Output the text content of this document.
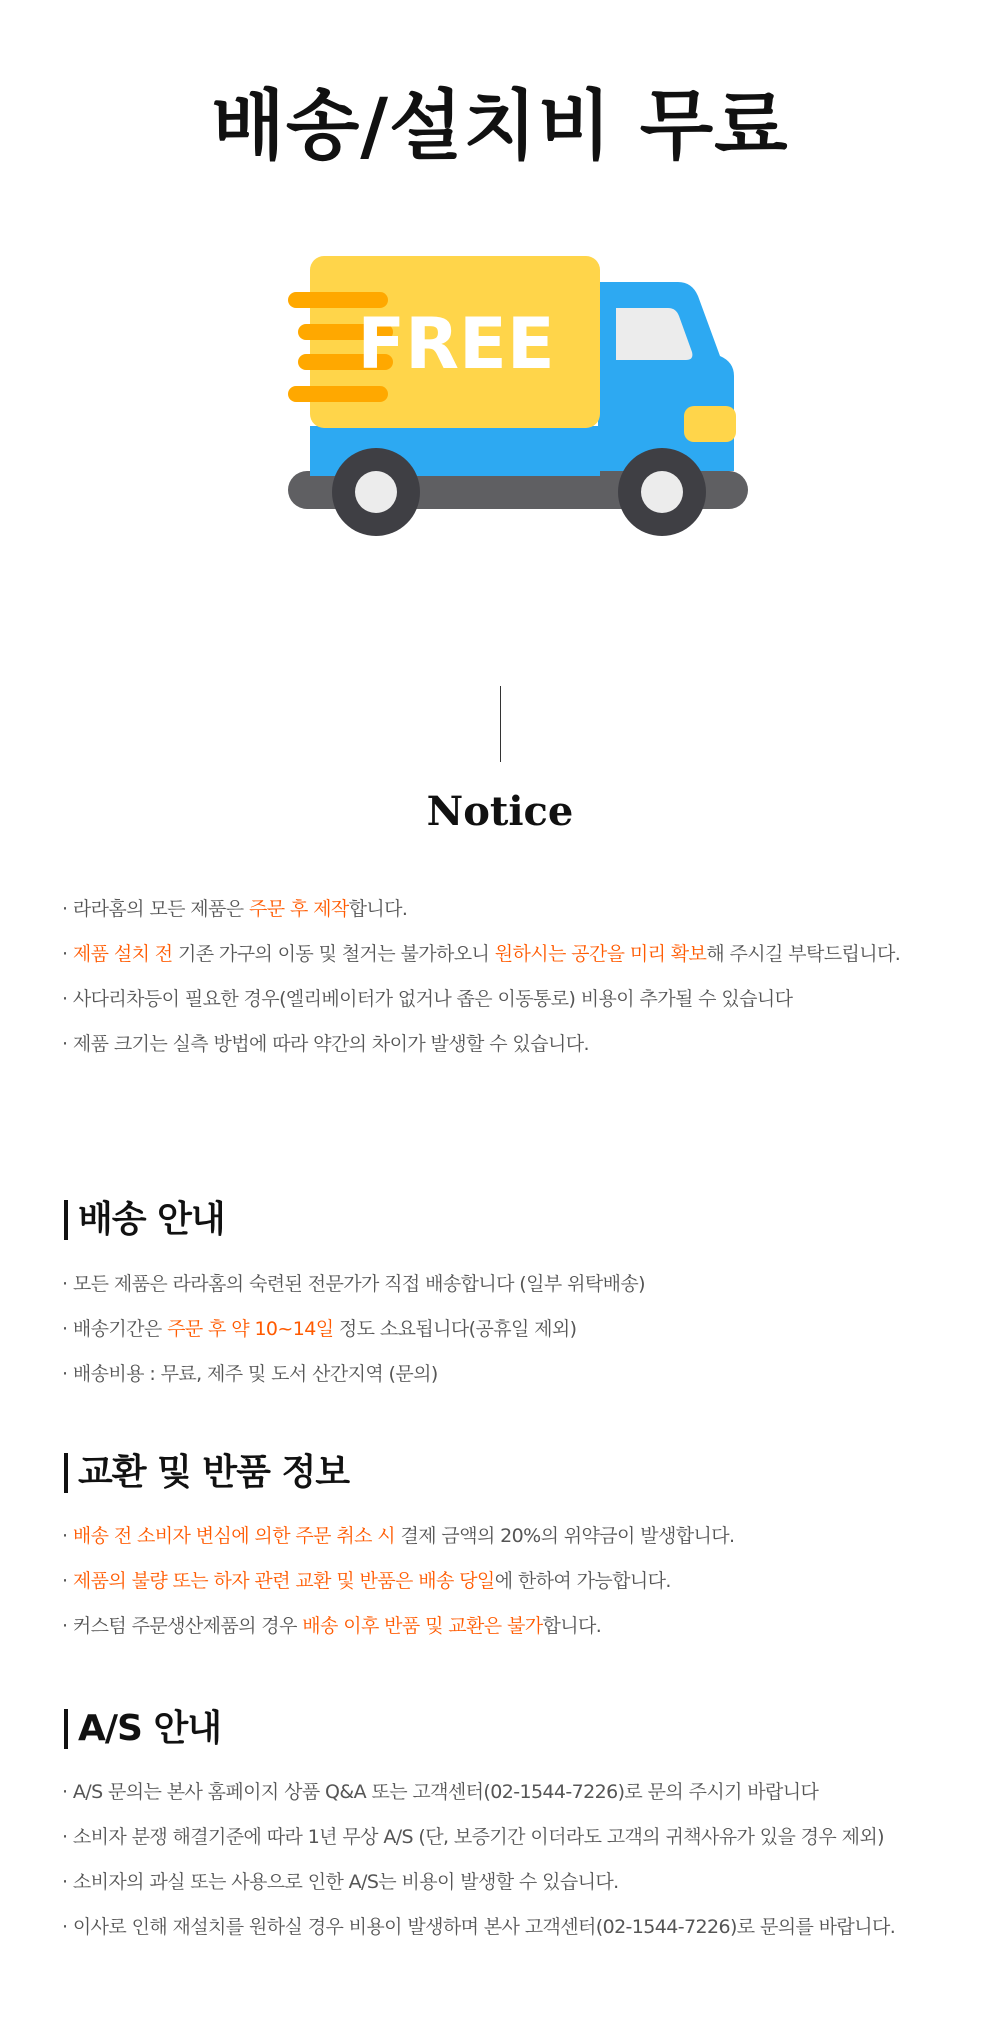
배송/설치비 무료
FREE
Notice
· 라라홈의 모든 제품은 주문 후 제작합니다.
· 제품 설치 전 기존 가구의 이동 및 철거는 불가하오니 원하시는 공간을 미리 확보해 주시길 부탁드립니다.
· 사다리차등이 필요한 경우(엘리베이터가 없거나 좁은 이동통로) 비용이 추가될 수 있습니다
· 제품 크기는 실측 방법에 따라 약간의 차이가 발생할 수 있습니다.
배송 안내
· 모든 제품은 라라홈의 숙련된 전문가가 직접 배송합니다 (일부 위탁배송)
· 배송기간은 주문 후 약 10~14일 정도 소요됩니다(공휴일 제외)
· 배송비용 : 무료, 제주 및 도서 산간지역 (문의)
교환 및 반품 정보
· 배송 전 소비자 변심에 의한 주문 취소 시 결제 금액의 20%의 위약금이 발생합니다.
· 제품의 불량 또는 하자 관련 교환 및 반품은 배송 당일에 한하여 가능합니다.
· 커스텀 주문생산제품의 경우 배송 이후 반품 및 교환은 불가합니다.
A/S 안내
· A/S 문의는 본사 홈페이지 상품 Q&A 또는 고객센터(02-1544-7226)로 문의 주시기 바랍니다
· 소비자 분쟁 해결기준에 따라 1년 무상 A/S (단, 보증기간 이더라도 고객의 귀책사유가 있을 경우 제외)
· 소비자의 과실 또는 사용으로 인한 A/S는 비용이 발생할 수 있습니다.
· 이사로 인해 재설치를 원하실 경우 비용이 발생하며 본사 고객센터(02-1544-7226)로 문의를 바랍니다.
